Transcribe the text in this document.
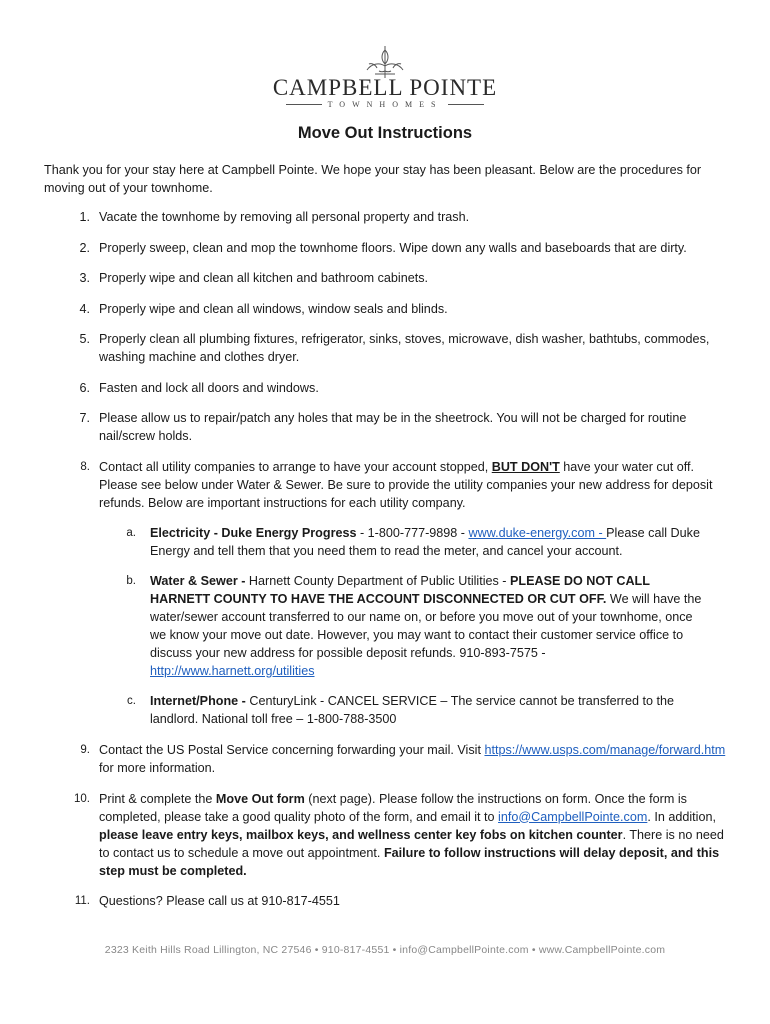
CAMPBELL POINTE
TOWNHOMES
Move Out Instructions
Thank you for your stay here at Campbell Pointe. We hope your stay has been pleasant. Below are the procedures for moving out of your townhome.
1. Vacate the townhome by removing all personal property and trash.
2. Properly sweep, clean and mop the townhome floors. Wipe down any walls and baseboards that are dirty.
3. Properly wipe and clean all kitchen and bathroom cabinets.
4. Properly wipe and clean all windows, window seals and blinds.
5. Properly clean all plumbing fixtures, refrigerator, sinks, stoves, microwave, dish washer, bathtubs, commodes, washing machine and clothes dryer.
6. Fasten and lock all doors and windows.
7. Please allow us to repair/patch any holes that may be in the sheetrock. You will not be charged for routine nail/screw holds.
8. Contact all utility companies to arrange to have your account stopped, BUT DON'T have your water cut off. Please see below under Water & Sewer. Be sure to provide the utility companies your new address for deposit refunds. Below are important instructions for each utility company.
a.	Electricity - Duke Energy Progress - 1-800-777-9898 - www.duke-energy.com - Please call Duke Energy and tell them that you need them to read the meter, and cancel your account.
b.	Water & Sewer - Harnett County Department of Public Utilities - PLEASE DO NOT CALL HARNETT COUNTY TO HAVE THE ACCOUNT DISCONNECTED OR CUT OFF. We will have the water/sewer account transferred to our name on, or before you move out of your townhome, once we know your move out date. However, you may want to contact their customer service office to discuss your new address for possible deposit refunds. 910-893-7575 - http://www.harnett.org/utilities
c.	Internet/Phone - CenturyLink - CANCEL SERVICE – The service cannot be transferred to the landlord. National toll free – 1-800-788-3500
9. Contact the US Postal Service concerning forwarding your mail. Visit https://www.usps.com/manage/forward.htm for more information.
10. Print & complete the Move Out form (next page). Please follow the instructions on form. Once the form is completed, please take a good quality photo of the form, and email it to info@CampbellPointe.com. In addition, please leave entry keys, mailbox keys, and wellness center key fobs on kitchen counter. There is no need to contact us to schedule a move out appointment. Failure to follow instructions will delay deposit, and this step must be completed.
11. Questions? Please call us at 910-817-4551
2323 Keith Hills Road Lillington, NC 27546 • 910-817-4551 • info@CampbellPointe.com • www.CampbellPointe.com
